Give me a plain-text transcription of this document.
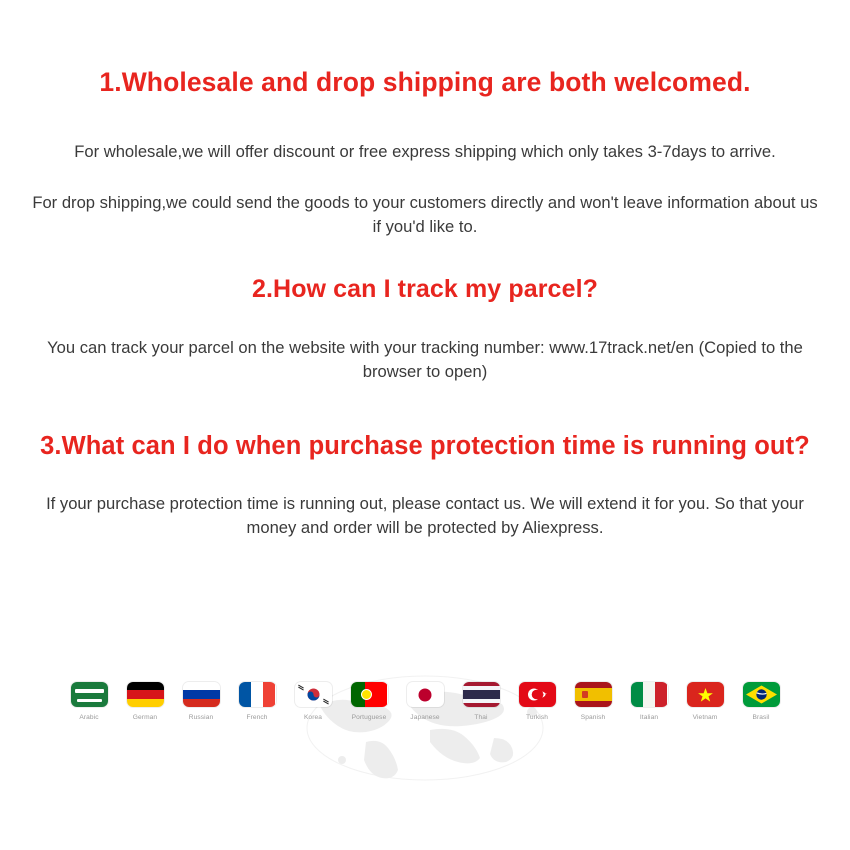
1.Wholesale and drop shipping are both welcomed.

For wholesale,we will offer discount or free express shipping which only takes 3-7days to arrive.

For drop shipping,we could send the goods to your customers directly and won't leave information about us if you'd like to.

2.How can I track my parcel?

You can track your parcel on the website with your tracking number: www.17track.net/en (Copied to the browser to open)

3.What can I do when purchase protection time is running out?

If your purchase protection time is running out, please contact us. We will extend it for you. So that your money and order will be protected by Aliexpress.

Arabic	German	Russian	French	Korea	Portuguese	Japanese	Thai	Turkish	Spanish	Italian	Vietnam	Brasil
